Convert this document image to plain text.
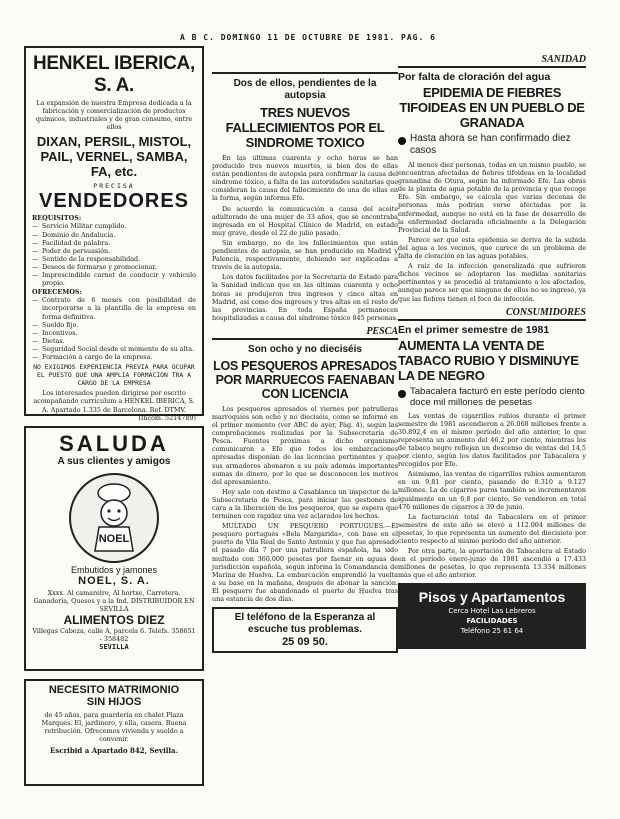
A B C. DOMINGO 11 DE OCTUBRE DE 1981. PAG. 6
HENKEL IBERICA, S. A.
La expansión de nuestra Empresa dedicada a la fabricación y comercialización de productos químicos, industriales y de gran consumo, entre ellos
DIXAN, PERSIL, MISTOL, PAIL, VERNEL, SAMBA, FA, etc.
PRECISA
VENDEDORES
REQUISITOS:
— Servicio Militar cumplido.
— Dominio de Andalucía.
— Facilidad de palabra.
— Poder de persuasión.
— Sentido de la responsabilidad.
— Deseos de formarse y promocionar.
— Imprescindible carnet de conducir y vehículo propio.
OFRECEMOS:
— Contrato de 6 meses con posibilidad de incorporarse a la plantilla de la empresa en forma definitiva.
— Sueldo fijo.
— Incentivos.
— Dietas.
— Seguridad Social desde el momento de su alta.
— Formación a cargo de la empresa.
NO EXIGIMOS EXPERIENCIA PREVIA PARA OCUPAR EL PUESTO QUE UNA AMPLIA FORMACION TRA A CARGO DE LA EMPRESA
Los interesados pueden dirigirse por escrito acompañando curriculum a HENKEL IBERICA, S. A. Apartado 1.335 de Barcelona. Ref. DTMV.
(Incom. 5214789)
SALUDA
A sus clientes y amigos
NOEL
Embutidos y jamones
NOEL, S. A.
Xxxx. Al camareiro, Al hortxe, Carretera. Ganadería, Quesos y a la Ind. DISTRIBUIDOR EN SEVILLA
ALIMENTOS DIEZ
Villegas Cabeza, calle A, parcela 6. Teléfs. 358651 - 358482
SEVILLA
NECESITO MATRIMONIO
SIN HIJOS
de 45 años, para guardería en chalet Plaza Marqués. El, jardinero, y ella, casera. Buena retribución. Ofrecemos vivienda y sueldo a convenir.
Escribid a Apartado 842, Sevilla.
Dos de ellos, pendientes de la autopsia
TRES NUEVOS FALLECIMIENTOS POR EL SINDROME TOXICO

En las últimas cuarenta y ocho horas se han producido tres nuevos muertes, si bien dos de ellas están pendientes de autopsia para confirmar la causa del síndrome tóxico, a falta de las autoridades sanitarias que consideran la causa del fallecimiento de una de ellas en la forma, según informa Efe.

De acuerdo la comunicación a causa del aceite adulterado de una mujer de 33 años, que se encontraba ingresada en el Hospital Clínico de Madrid, en estado muy grave, desde el 22 de julio pasado.

Sin embargo, no de los fallecimientos que están pendientes de autopsia, se han producido en Madrid y Palencia, respectivamente, debiendo ser explicadas a través de la autopsia.

Los datos facilitados por la Secretaría de Estado para la Sanidad indican que en las últimas cuarenta y ocho horas se produjeron tres ingresos y cinco altas en Madrid, así como dos ingresos y tres altas en el resto de las provincias. En toda España permanecen hospitalizadas a causa del síndrome tóxico 845 personas.

PESCA
Son ocho y no dieciséis
LOS PESQUEROS APRESADOS POR MARRUECOS FAENABAN CON LICENCIA

Los pesqueros apresados el viernes por patrulleras marroquíes son ocho y no dieciséis, como se informó en el primer momento (ver ABC de ayer, Pág. 4), según las comprobaciones realizadas por la Subsecretaría de Pesca. Fuentes próximas a dicho organismo comunicaron a Efe que todos los embarcaciones apresadas disponían de las licencias pertinentes y que sus armadores abonaron a su país además importantes sumas de dinero, por lo que se desconocen los motivos del apresamiento.

Hoy sale con destino a Casablanca un inspector de la Subsecretaría de Pesca, para iniciar las gestiones de cara a la liberación de los pesqueros, que se espera que terminen con rapidez una vez aclarados los hechos.

MULTADO UN PESQUERO PORTUGUES.—El pesquero portugués «Bela Margarida», con base en el puerto de Vila Real de Santo Antonio y que fue apresado el pasado día 7 por una patrullera española, ha sido multado con 360.000 pesetas por faenar en aguas de jurisdicción española, según informa la Comandancia de Marina de Huelva. La embarcación emprendió la vuelta a su base en la mañana, después de abonar la sanción. El pesquero fue abandonado el puerto de Huelva tras una estancia de dos días.

El teléfono de la Esperanza al escuche tus problemas.
25 09 50.
SANIDAD
Por falta de cloración del agua
EPIDEMIA DE FIEBRES TIFOIDEAS EN UN PUEBLO DE GRANADA
Hasta ahora se han confirmado diez casos

Al menos diez personas, todas en un mismo pueblo, se encuentran afectadas de fiebres tifoideas en la localidad granadina de Otura, según ha informado Efe. Las obras de la planta de agua potable de la provincia y que recoge Efe. Sin embargo, se calcula que varias decenas de personas más podrían verse afectadas por la enfermedad, aunque no está en la fase de desarrollo de la enfermedad declarada oficialmente a la Delegación Provincial de la Salud.

Parece ser que esta epidemia se deriva de la subida del agua a los vecinos, que carece de un problema de falta de cloración en las aguas potables.

A raíz de la infección generalizada que sufrieron dichos vecinos se adoptaron las medidas sanitarias pertinentes y se procedió al tratamiento a los afectados, aunque parece ser que ninguno de ellos no se ingresó, ya que las fiebres tienen el foco de infección.

CONSUMIDORES
En el primer semestre de 1981
AUMENTA LA VENTA DE TABACO RUBIO Y DISMINUYE LA DE NEGRO
Tabacalera facturó en este período ciento doce mil millones de pesetas

Las ventas de cigarrillos rubios durante el primer semestre de 1981 ascendieron a 26.068 millones frente a 30.892,4 en el mismo período del año anterior, lo que representa un aumento del 46,2 por ciento, mientras los de tabaco negro reflejan un descenso de ventas del 14,5 por ciento, según los datos facilitados por Tabacalera y recogidos por Efe.

Asimismo, las ventas de cigarrillos rubios aumentaron en un 9,81 por ciento, pasando de 8.310 a 9.127 millones. La de cigarros puros también se incrementaron igualmente en un 6,8 por ciento. Se vendieron en total 476 millones de cigarros a 39 de junio.

La facturación total de Tabacalera en el primer semestre de este año se elevó a 112.004 millones de pesetas, lo que representa un aumento del diecisiete por ciento respecto al mismo período del año anterior.

Por otra parte, la aportación de Tabacalera al Estado en el período enero-junio de 1981 ascendió a 17.433 millones de pesetas, lo que representa 13.334 millones más que el año anterior.

Pisos y Apartamentos
Cerca Hotel Las Lebreros
FACILIDADES
Teléfono 25 61 64
